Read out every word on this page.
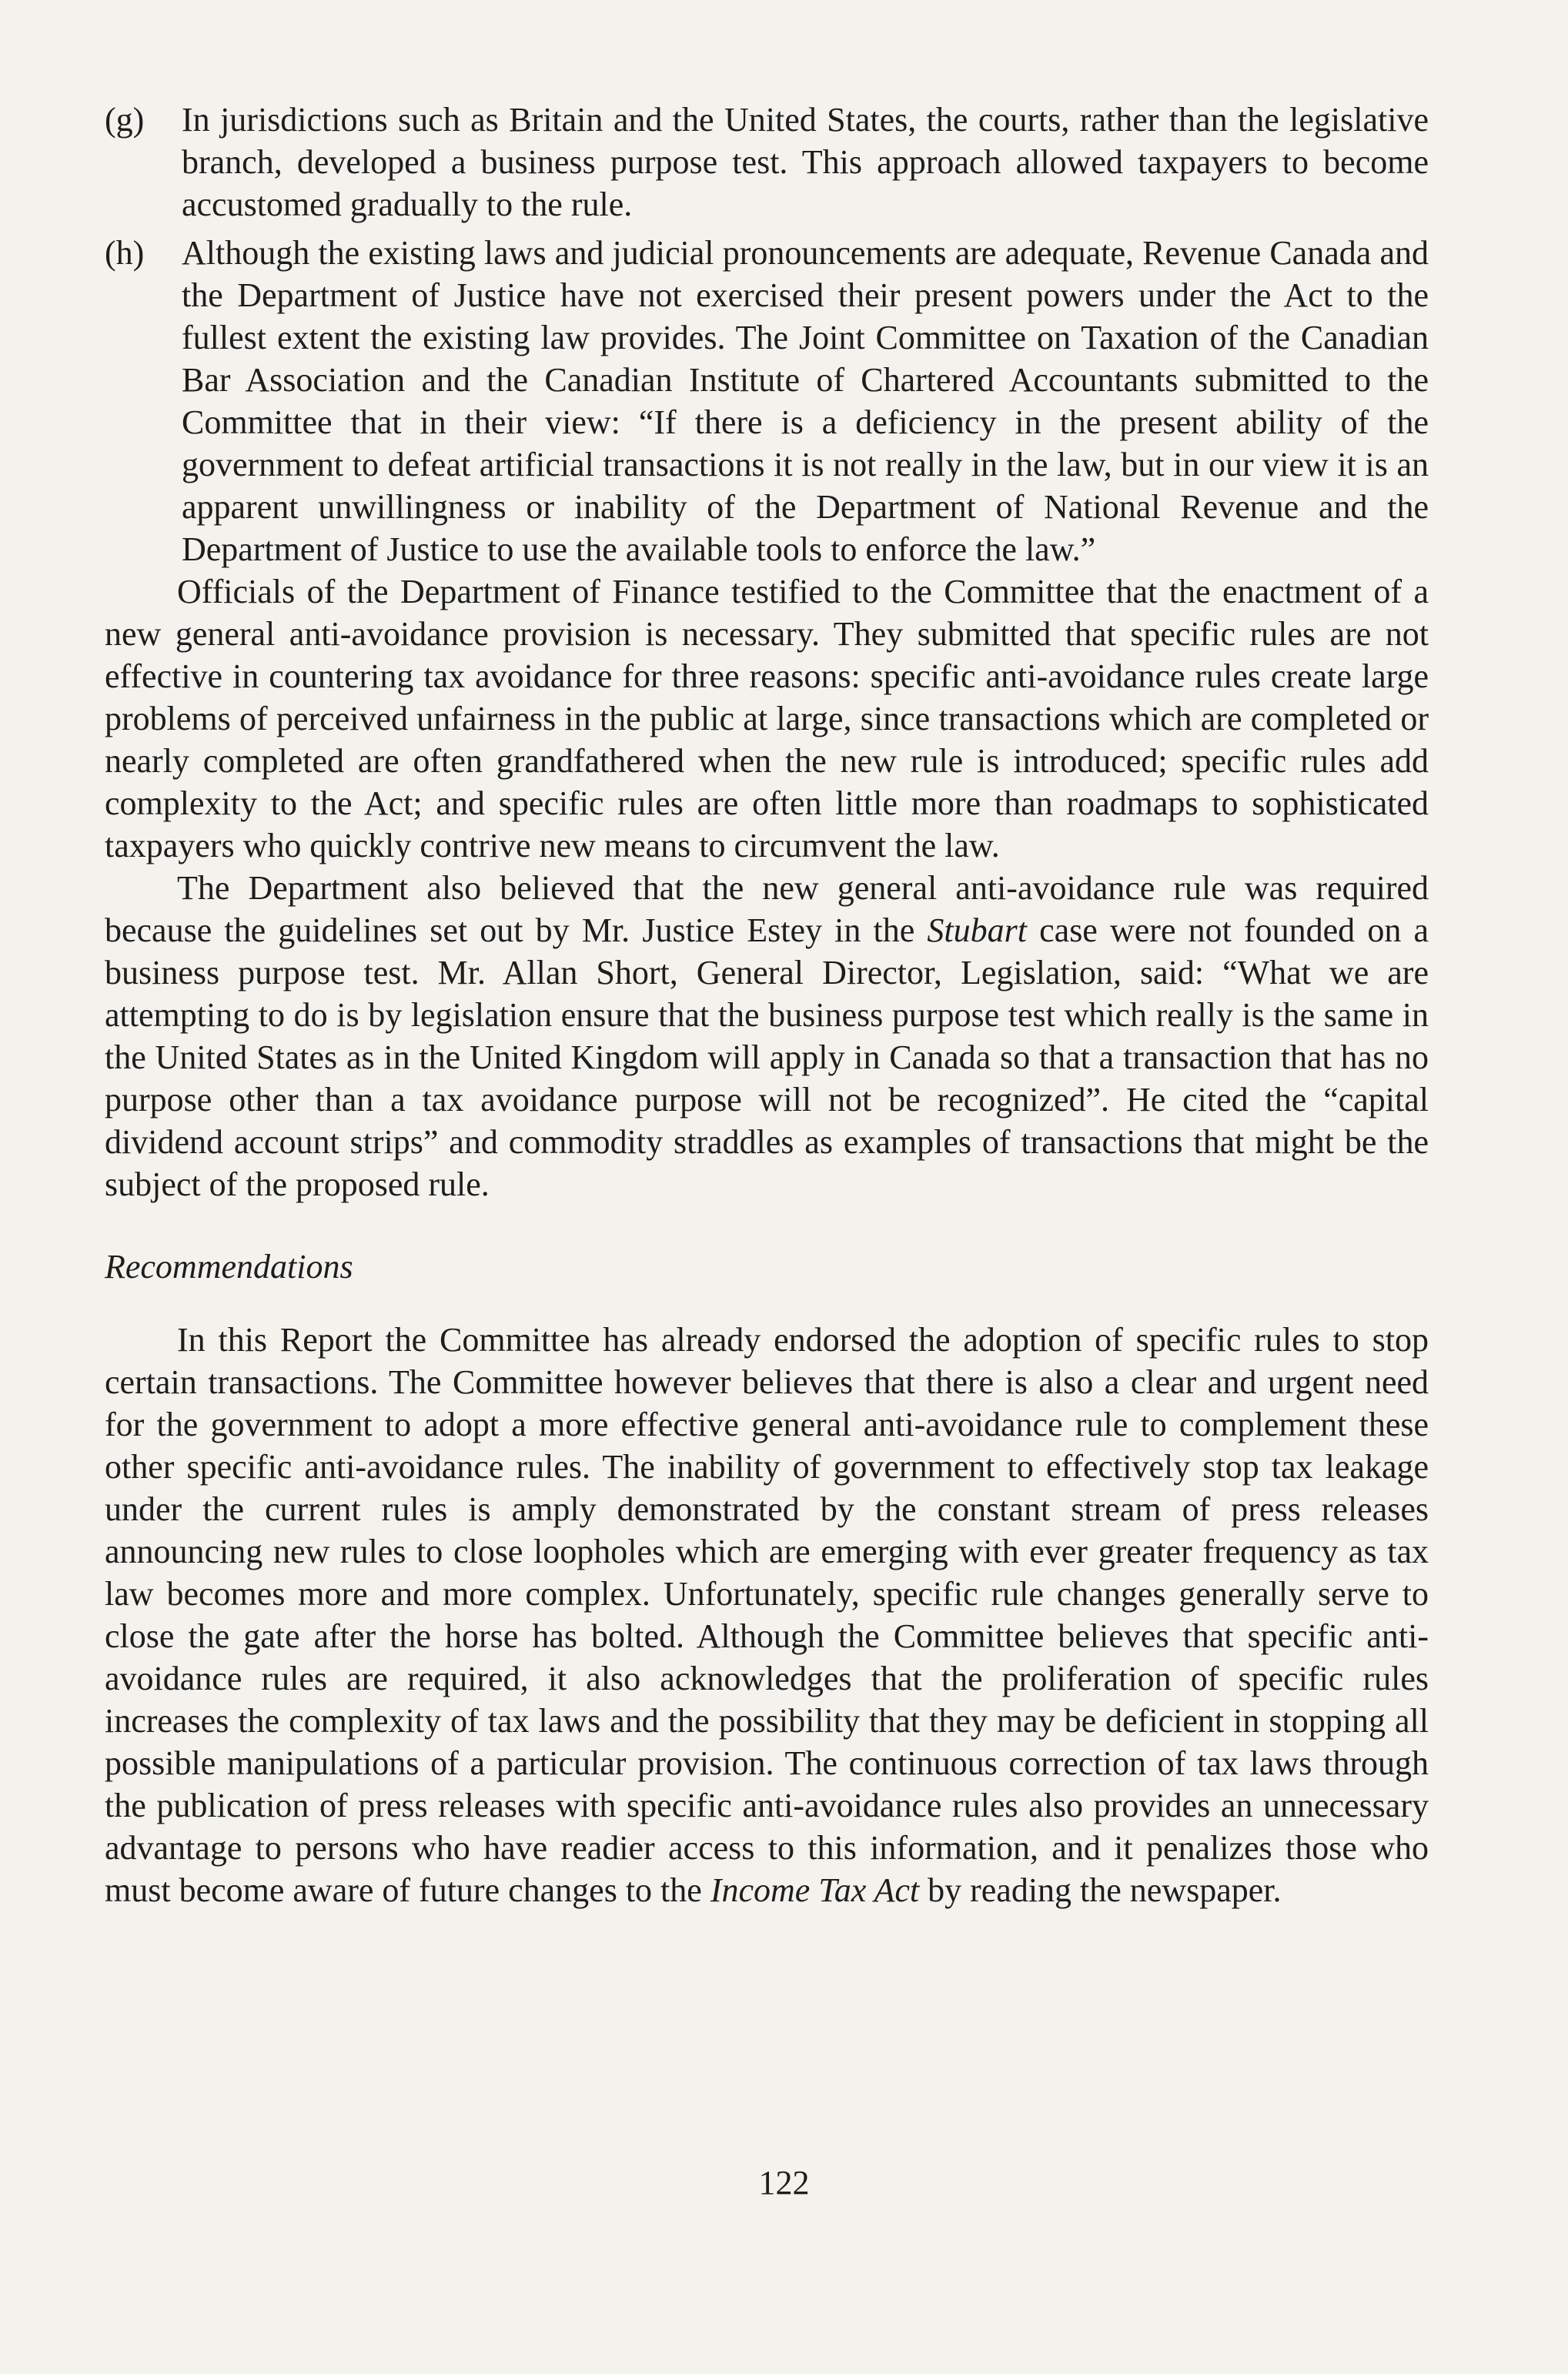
(g)	In jurisdictions such as Britain and the United States, the courts, rather than the legislative branch, developed a business purpose test. This approach allowed taxpayers to become accustomed gradually to the rule.
(h)	Although the existing laws and judicial pronouncements are adequate, Revenue Canada and the Department of Justice have not exercised their present powers under the Act to the fullest extent the existing law provides. The Joint Committee on Taxation of the Canadian Bar Association and the Canadian Institute of Chartered Accountants submitted to the Committee that in their view: “If there is a deficiency in the present ability of the government to defeat artificial transactions it is not really in the law, but in our view it is an apparent unwillingness or inability of the Department of National Revenue and the Department of Justice to use the available tools to enforce the law.”

Officials of the Department of Finance testified to the Committee that the enactment of a new general anti-avoidance provision is necessary. They submitted that specific rules are not effective in countering tax avoidance for three reasons: specific anti-avoidance rules create large problems of perceived unfairness in the public at large, since transactions which are completed or nearly completed are often grandfathered when the new rule is introduced; specific rules add complexity to the Act; and specific rules are often little more than roadmaps to sophisticated taxpayers who quickly contrive new means to circumvent the law.

The Department also believed that the new general anti-avoidance rule was required because the guidelines set out by Mr. Justice Estey in the Stubart case were not founded on a business purpose test. Mr. Allan Short, General Director, Legislation, said: “What we are attempting to do is by legislation ensure that the business purpose test which really is the same in the United States as in the United Kingdom will apply in Canada so that a transaction that has no purpose other than a tax avoidance purpose will not be recognized”. He cited the “capital dividend account strips” and commodity straddles as examples of transactions that might be the subject of the proposed rule.

Recommendations

In this Report the Committee has already endorsed the adoption of specific rules to stop certain transactions. The Committee however believes that there is also a clear and urgent need for the government to adopt a more effective general anti-avoidance rule to complement these other specific anti-avoidance rules. The inability of government to effectively stop tax leakage under the current rules is amply demonstrated by the constant stream of press releases announcing new rules to close loopholes which are emerging with ever greater frequency as tax law becomes more and more complex. Unfortunately, specific rule changes generally serve to close the gate after the horse has bolted. Although the Committee believes that specific anti-avoidance rules are required, it also acknowledges that the proliferation of specific rules increases the complexity of tax laws and the possibility that they may be deficient in stopping all possible manipulations of a particular provision. The continuous correction of tax laws through the publication of press releases with specific anti-avoidance rules also provides an unnecessary advantage to persons who have readier access to this information, and it penalizes those who must become aware of future changes to the Income Tax Act by reading the newspaper.

122
